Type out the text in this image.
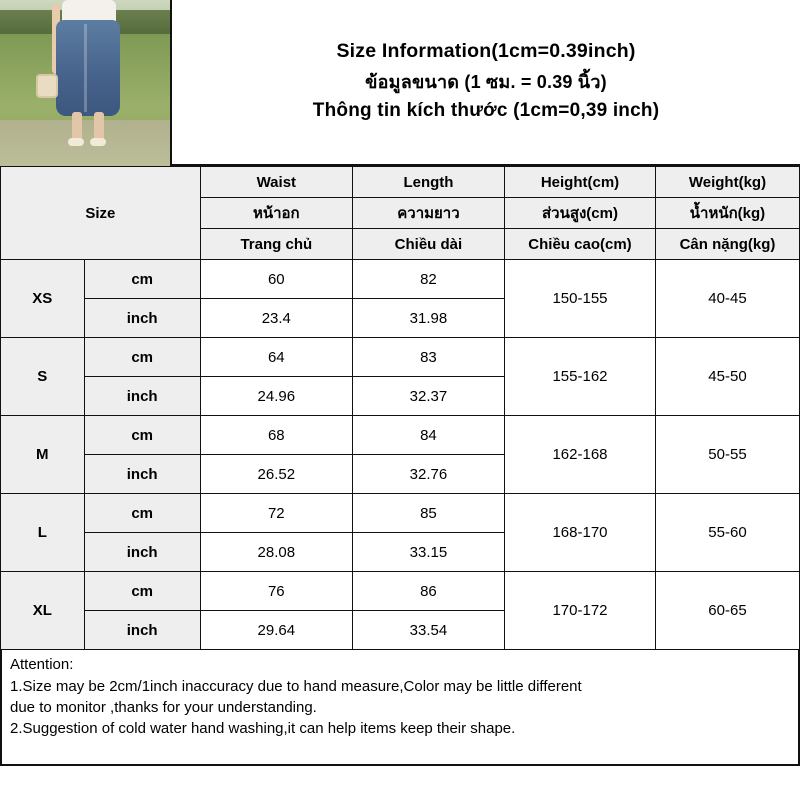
Size Information(1cm=0.39inch)
ข้อมูลขนาด (1 ซม. = 0.39 นิ้ว)
Thông tin kích thước (1cm=0,39 inch)
Size		Waist	Length	Height(cm)	Weight(kg)
		หน้าอก	ความยาว	ส่วนสูง(cm)	น้ำหนัก(kg)
		Trang chủ	Chiều dài	Chiều cao(cm)	Cân nặng(kg)
XS	cm	60	82	150-155	40-45
	inch	23.4	31.98		
S	cm	64	83	155-162	45-50
	inch	24.96	32.37		
M	cm	68	84	162-168	50-55
	inch	26.52	32.76		
L	cm	72	85	168-170	55-60
	inch	28.08	33.15		
XL	cm	76	86	170-172	60-65
	inch	29.64	33.54		
Attention:
1.Size may be 2cm/1inch inaccuracy due to hand measure,Color may be little different
due to monitor ,thanks for your understanding.
2.Suggestion of cold water hand washing,it can help items keep their shape.
